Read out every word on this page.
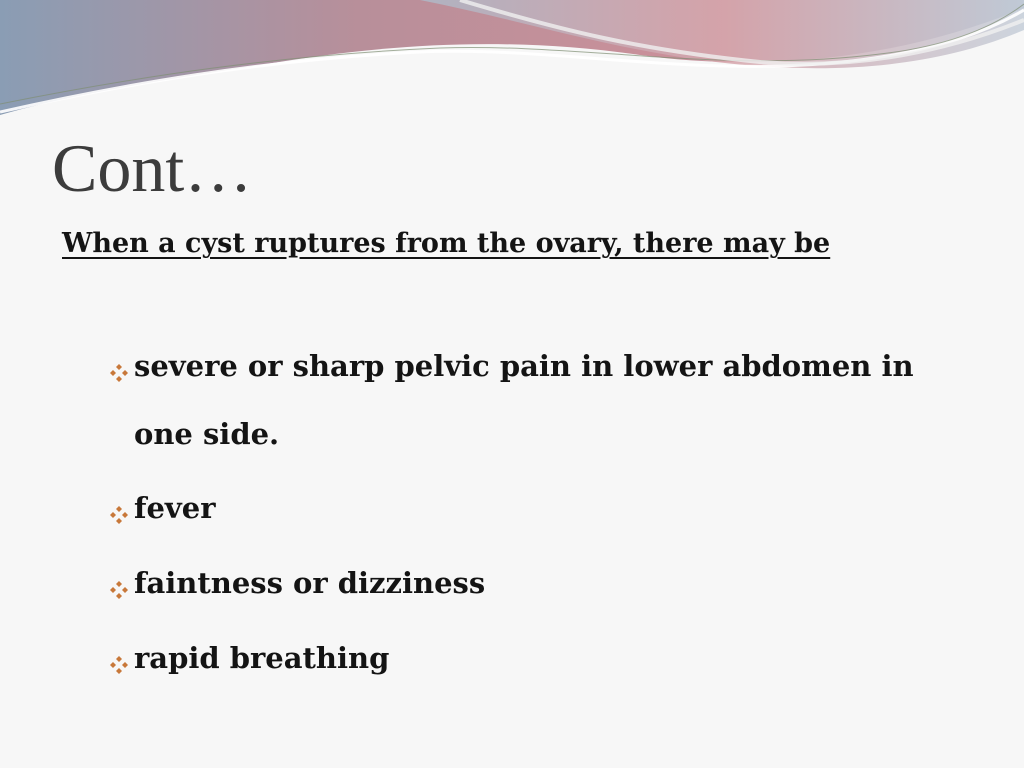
Cont…

When a cyst ruptures from the ovary, there may be

severe or sharp pelvic pain in lower abdomen in one side.
fever
faintness or dizziness
rapid breathing
